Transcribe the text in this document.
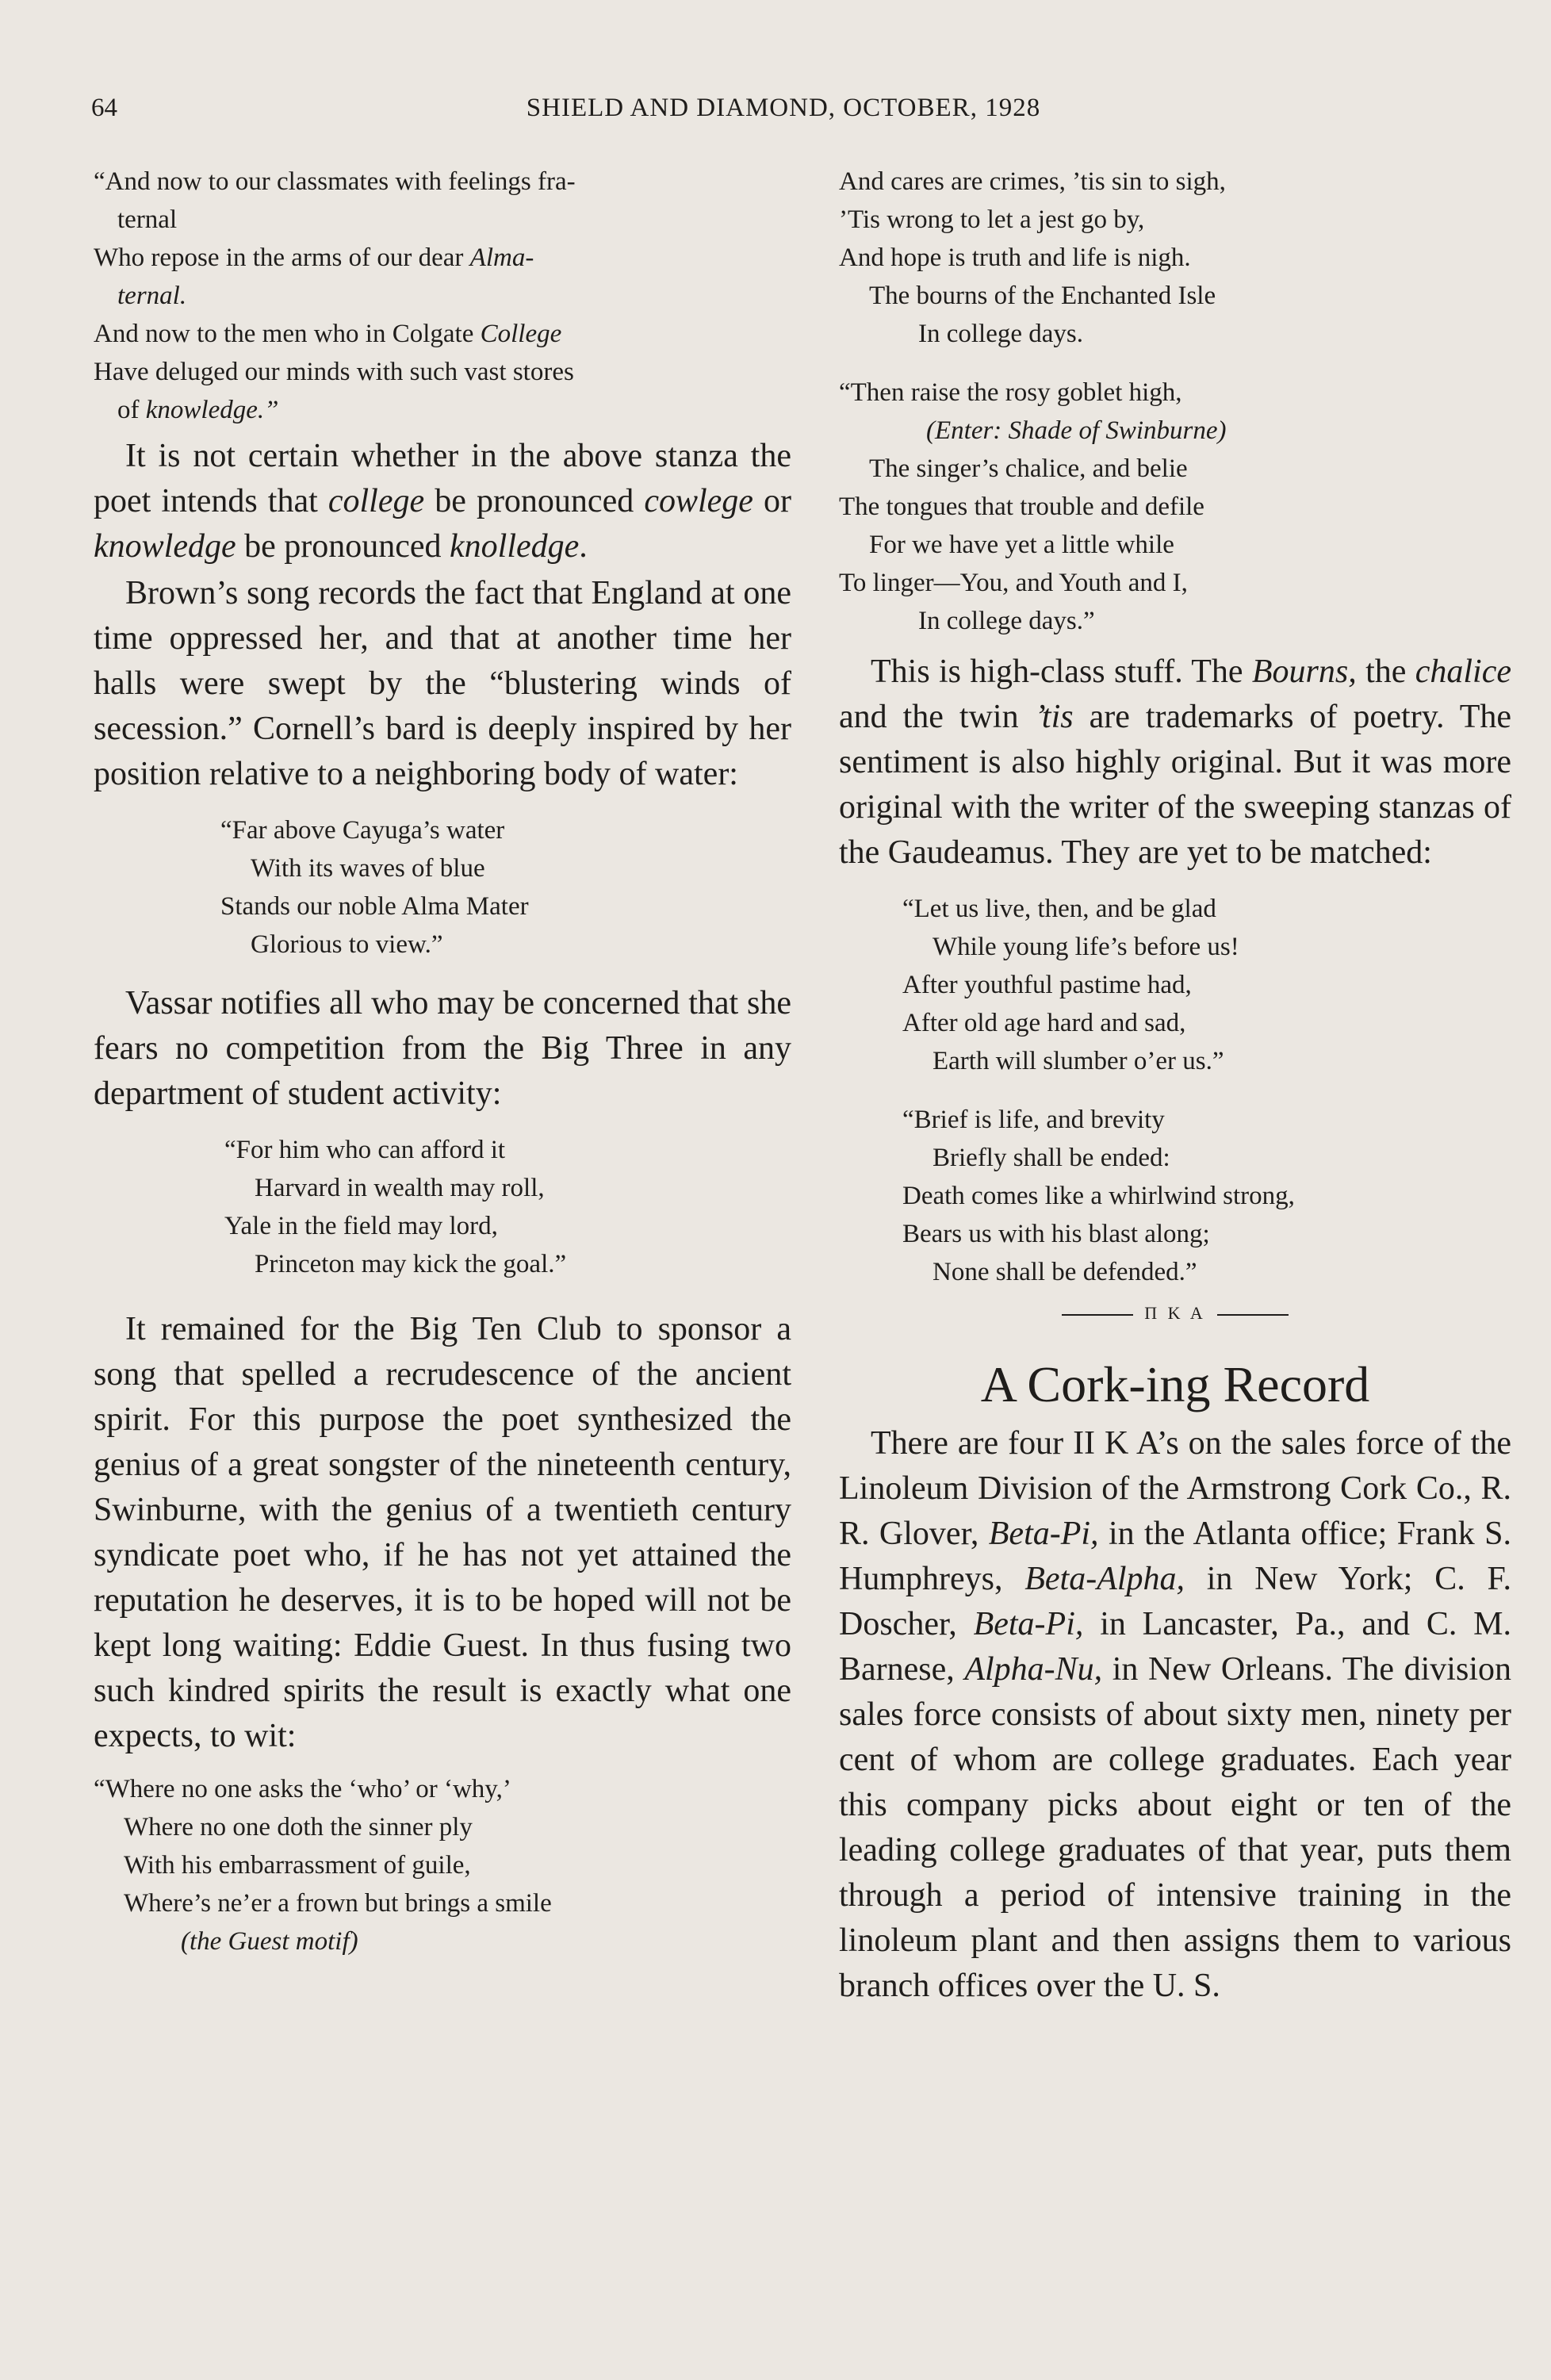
64	SHIELD AND DIAMOND, OCTOBER, 1928
“And now to our classmates with feelings fra-
ternal
Who repose in the arms of our dear Alma-
ternal.
And now to the men who in Colgate College
Have deluged our minds with such vast stores
of knowledge.”

It is not certain whether in the above stanza the poet intends that college be pronounced cowlege or knowledge be pronounced knolledge.

Brown’s song records the fact that England at one time oppressed her, and that at another time her halls were swept by the “blustering winds of secession.” Cornell’s bard is deeply inspired by her position relative to a neighboring body of water:

“Far above Cayuga’s water
With its waves of blue
Stands our noble Alma Mater
Glorious to view.”

Vassar notifies all who may be concerned that she fears no competition from the Big Three in any department of student activity:

“For him who can afford it
Harvard in wealth may roll,
Yale in the field may lord,
Princeton may kick the goal.”

It remained for the Big Ten Club to sponsor a song that spelled a recrudescence of the ancient spirit. For this purpose the poet synthesized the genius of a great songster of the nineteenth century, Swinburne, with the genius of a twentieth century syndicate poet who, if he has not yet attained the reputation he deserves, it is to be hoped will not be kept long waiting: Eddie Guest. In thus fusing two such kindred spirits the result is exactly what one expects, to wit:

“Where no one asks the ‘who’ or ‘why,’
Where no one doth the sinner ply
With his embarrassment of guile,
Where’s ne’er a frown but brings a smile
(the Guest motif)
And cares are crimes, ’tis sin to sigh,
’Tis wrong to let a jest go by,
And hope is truth and life is nigh.
The bourns of the Enchanted Isle
In college days.
“Then raise the rosy goblet high,
(Enter: Shade of Swinburne)
The singer’s chalice, and belie
The tongues that trouble and defile
For we have yet a little while
To linger—You, and Youth and I,
In college days.”

This is high-class stuff. The Bourns, the chalice and the twin ’tis are trademarks of poetry. The sentiment is also highly original. But it was more original with the writer of the sweeping stanzas of the Gaudeamus. They are yet to be matched:

“Let us live, then, and be glad
While young life’s before us!
After youthful pastime had,
After old age hard and sad,
Earth will slumber o’er us.”
“Brief is life, and brevity
Briefly shall be ended:
Death comes like a whirlwind strong,
Bears us with his blast along;
None shall be defended.”
Π K A
A Cork-ing Record

There are four II K A’s on the sales force of the Linoleum Division of the Armstrong Cork Co., R. R. Glover, Beta-Pi, in the Atlanta office; Frank S. Humphreys, Beta-Alpha, in New York; C. F. Doscher, Beta-Pi, in Lancaster, Pa., and C. M. Barnese, Alpha-Nu, in New Orleans. The division sales force consists of about sixty men, ninety per cent of whom are college graduates. Each year this company picks about eight or ten of the leading college graduates of that year, puts them through a period of intensive training in the linoleum plant and then assigns them to various branch offices over the U. S.
